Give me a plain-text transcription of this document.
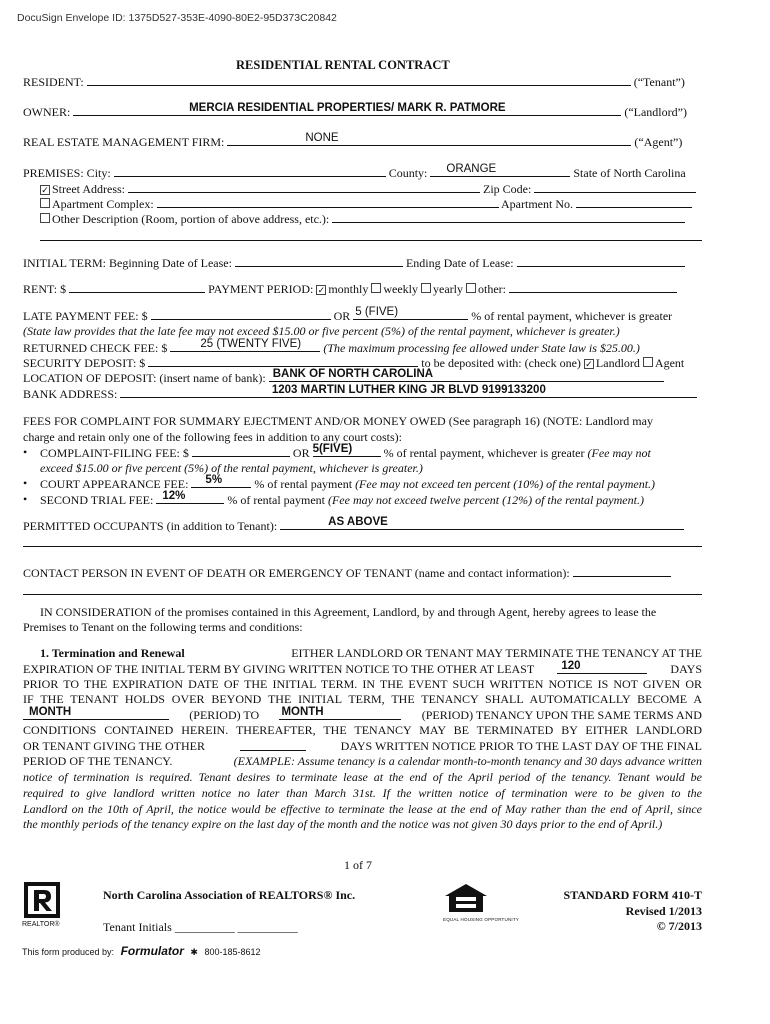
DocuSign Envelope ID: 1375D527-353E-4090-80E2-95D373C20842
RESIDENTIAL RENTAL CONTRACT
RESIDENT:	(“Tenant”)
OWNER:	MERCIA RESIDENTIAL PROPERTIES/ MARK R. PATMORE	(“Landlord”)
REAL ESTATE MANAGEMENT FIRM:	NONE	(“Agent”)
PREMISES: City:	County: ORANGE	State of North Carolina
✓ Street Address:	Zip Code:
Apartment Complex:	Apartment No.
Other Description (Room, portion of above address, etc.):
INITIAL TERM: Beginning Date of Lease:	Ending Date of Lease:
RENT: $	PAYMENT PERIOD: ✓ monthly weekly yearly other:
LATE PAYMENT FEE: $	OR 5 (FIVE)	% of rental payment, whichever is greater
(State law provides that the late fee may not exceed $15.00 or five percent (5%) of the rental payment, whichever is greater.)
RETURNED CHECK FEE: $	25 (TWENTY FIVE)	(The maximum processing fee allowed under State law is $25.00.)
SECURITY DEPOSIT: $	to be deposited with: (check one) ✓ Landlord Agent
LOCATION OF DEPOSIT: (insert name of bank): BANK OF NORTH CAROLINA
BANK ADDRESS:	1203 MARTIN LUTHER KING JR BLVD 9199133200
FEES FOR COMPLAINT FOR SUMMARY EJECTMENT AND/OR MONEY OWED (See paragraph 16) (NOTE: Landlord may
charge and retain only one of the following fees in addition to any court costs):
• COMPLAINT-FILING FEE: $	OR 5(FIVE)	% of rental payment, whichever is greater (Fee may not
exceed $15.00 or five percent (5%) of the rental payment, whichever is greater.)
• COURT APPEARANCE FEE: 5%	% of rental payment (Fee may not exceed ten percent (10%) of the rental payment.)
• SECOND TRIAL FEE: 12%	% of rental payment (Fee may not exceed twelve percent (12%) of the rental payment.)
PERMITTED OCCUPANTS (in addition to Tenant):	AS ABOVE
CONTACT PERSON IN EVENT OF DEATH OR EMERGENCY OF TENANT (name and contact information):
IN CONSIDERATION of the promises contained in this Agreement, Landlord, by and through Agent, hereby agrees to lease the
Premises to Tenant on the following terms and conditions:
1. Termination and Renewal	EITHER LANDLORD OR TENANT MAY TERMINATE THE TENANCY AT THE
EXPIRATION OF THE INITIAL TERM BY GIVING WRITTEN NOTICE TO THE OTHER AT LEAST 120	DAYS
PRIOR TO THE EXPIRATION DATE OF THE INITIAL TERM. IN THE EVENT SUCH WRITTEN NOTICE IS NOT GIVEN OR
IF THE TENANT HOLDS OVER BEYOND THE INITIAL TERM, THE TENANCY SHALL AUTOMATICALLY BECOME A
MONTH	(PERIOD) TO MONTH	(PERIOD) TENANCY UPON THE SAME TERMS AND
CONDITIONS CONTAINED HEREIN. THEREAFTER, THE TENANCY MAY BE TERMINATED BY EITHER LANDLORD
OR TENANT GIVING THE OTHER	DAYS WRITTEN NOTICE PRIOR TO THE LAST DAY OF THE FINAL
PERIOD OF THE TENANCY.	(EXAMPLE: Assume tenancy is a calendar month-to-month tenancy and 30 days advance written
notice of termination is required. Tenant desires to terminate lease at the end of the April period of the tenancy. Tenant would be
required to give landlord written notice no later than March 31st. If the written notice of termination were to be given to the
Landlord on the 10th of April, the notice would be effective to terminate the lease at the end of May rather than the end of April, since
the monthly periods of the tenancy expire on the last day of the month and the notice was not given 30 days prior to the end of April.)
1 of 7
REALTOR®
North Carolina Association of REALTORS® Inc.
Tenant Initials __________ __________
EQUAL HOUSING OPPORTUNITY
STANDARD FORM 410-T
Revised 1/2013
© 7/2013
This form produced by: Formulator ✱ 800-185-8612
